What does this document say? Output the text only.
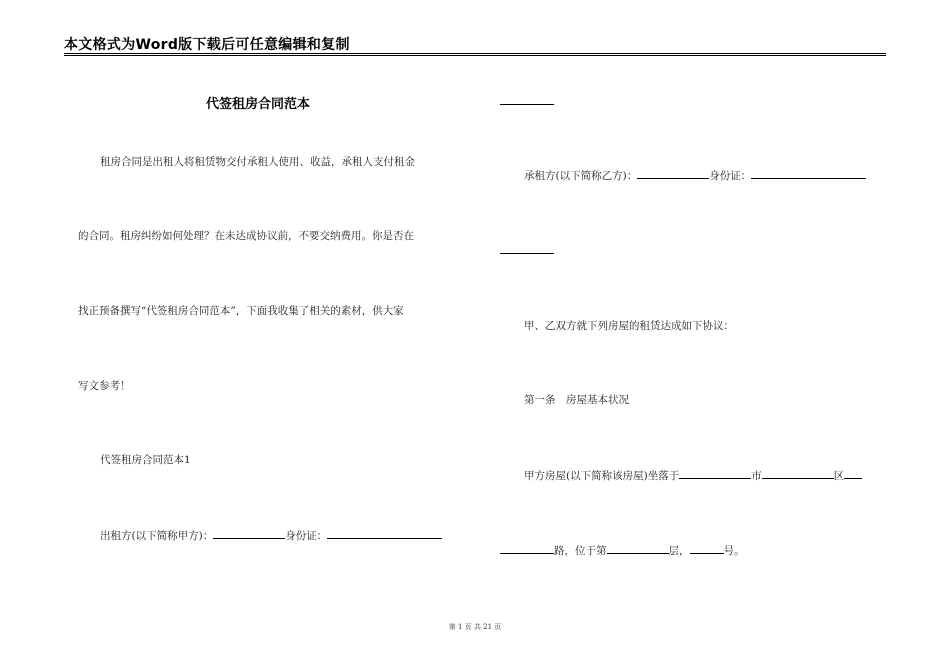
本文格式为Word版下载后可任意编辑和复制
代签租房合同范本
租房合同是出租人将租赁物交付承租人使用、收益，承租人支付租金
的合同。租房纠纷如何处理？在未达成协议前，不要交纳费用。你是否在
找正预备撰写“代签租房合同范本”，下面我收集了相关的素材，供大家
写文参考！
代签租房合同范本1
出租方(以下简称甲方)：	身份证：
承租方(以下简称乙方)：	身份证：
甲、乙双方就下列房屋的租赁达成如下协议：
第一条　房屋基本状况
甲方房屋(以下简称该房屋)坐落于	市	区
路，位于第	层，	号。
第 1 页 共 21 页
